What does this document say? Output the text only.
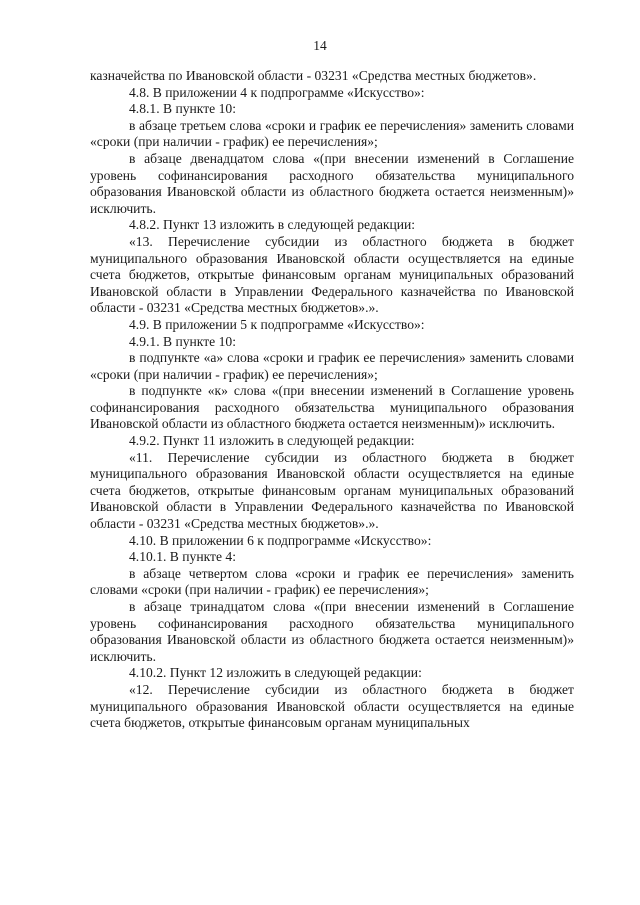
14

казначейства по Ивановской области - 03231 «Средства местных бюджетов».

4.8. В приложении 4 к подпрограмме «Искусство»:

4.8.1. В пункте 10:

в абзаце третьем слова «сроки и график ее перечисления» заменить словами «сроки (при наличии - график) ее перечисления»;

в абзаце двенадцатом слова «(при внесении изменений в Соглашение уровень софинансирования расходного обязательства муниципального образования Ивановской области из областного бюджета остается неизменным)» исключить.

4.8.2. Пункт 13 изложить в следующей редакции:

«13. Перечисление субсидии из областного бюджета в бюджет муниципального образования Ивановской области осуществляется на единые счета бюджетов, открытые финансовым органам муниципальных образований Ивановской области в Управлении Федерального казначейства по Ивановской области - 03231 «Средства местных бюджетов».».

4.9. В приложении 5 к подпрограмме «Искусство»:

4.9.1. В пункте 10:

в подпункте «а» слова «сроки и график ее перечисления» заменить словами «сроки (при наличии - график) ее перечисления»;

в подпункте «к» слова «(при внесении изменений в Соглашение уровень софинансирования расходного обязательства муниципального образования Ивановской области из областного бюджета остается неизменным)» исключить.

4.9.2. Пункт 11 изложить в следующей редакции:

«11. Перечисление субсидии из областного бюджета в бюджет муниципального образования Ивановской области осуществляется на единые счета бюджетов, открытые финансовым органам муниципальных образований Ивановской области в Управлении Федерального казначейства по Ивановской области - 03231 «Средства местных бюджетов».».

4.10. В приложении 6 к подпрограмме «Искусство»:

4.10.1. В пункте 4:

в абзаце четвертом слова «сроки и график ее перечисления» заменить словами «сроки (при наличии - график) ее перечисления»;

в абзаце тринадцатом слова «(при внесении изменений в Соглашение уровень софинансирования расходного обязательства муниципального образования Ивановской области из областного бюджета остается неизменным)» исключить.

4.10.2. Пункт 12 изложить в следующей редакции:

«12. Перечисление субсидии из областного бюджета в бюджет муниципального образования Ивановской области осуществляется на единые счета бюджетов, открытые финансовым органам муниципальных
